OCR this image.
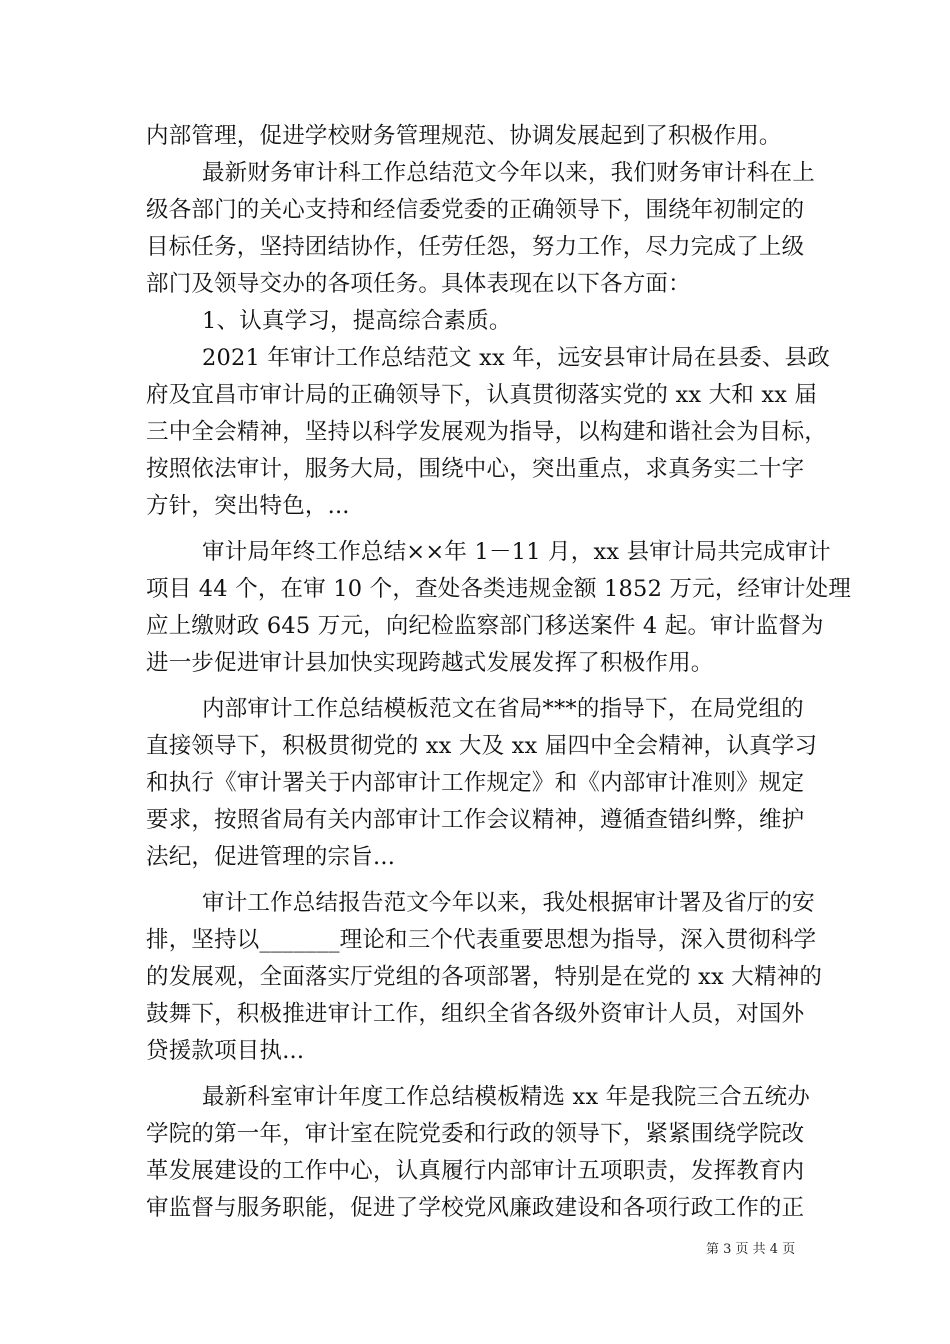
内部管理，促进学校财务管理规范、协调发展起到了积极作用。
最新财务审计科工作总结范文今年以来，我们财务审计科在上
级各部门的关心支持和经信委党委的正确领导下，围绕年初制定的
目标任务，坚持团结协作，任劳任怨，努力工作，尽力完成了上级
部门及领导交办的各项任务。具体表现在以下各方面：
1、认真学习，提高综合素质。
2021 年审计工作总结范文 xx 年，远安县审计局在县委、县政
府及宜昌市审计局的正确领导下，认真贯彻落实党的 xx 大和 xx 届
三中全会精神，坚持以科学发展观为指导，以构建和谐社会为目标，
按照依法审计，服务大局，围绕中心，突出重点，求真务实二十字
方针，突出特色，...
审计局年终工作总结××年 1－11 月，xx 县审计局共完成审计
项目 44 个，在审 10 个，查处各类违规金额 1852 万元，经审计处理
应上缴财政 645 万元，向纪检监察部门移送案件 4 起。审计监督为
进一步促进审计县加快实现跨越式发展发挥了积极作用。
内部审计工作总结模板范文在省局***的指导下，在局党组的
直接领导下，积极贯彻党的 xx 大及 xx 届四中全会精神，认真学习
和执行《审计署关于内部审计工作规定》和《内部审计准则》规定
要求，按照省局有关内部审计工作会议精神，遵循查错纠弊，维护
法纪，促进管理的宗旨...
审计工作总结报告范文今年以来，我处根据审计署及省厅的安
排，坚持以_______理论和三个代表重要思想为指导，深入贯彻科学
的发展观，全面落实厅党组的各项部署，特别是在党的 xx 大精神的
鼓舞下，积极推进审计工作，组织全省各级外资审计人员，对国外
贷援款项目执...
最新科室审计年度工作总结模板精选 xx 年是我院三合五统办
学院的第一年，审计室在院党委和行政的领导下，紧紧围绕学院改
革发展建设的工作中心，认真履行内部审计五项职责，发挥教育内
审监督与服务职能，促进了学校党风廉政建设和各项行政工作的正
第 3 页 共 4 页
